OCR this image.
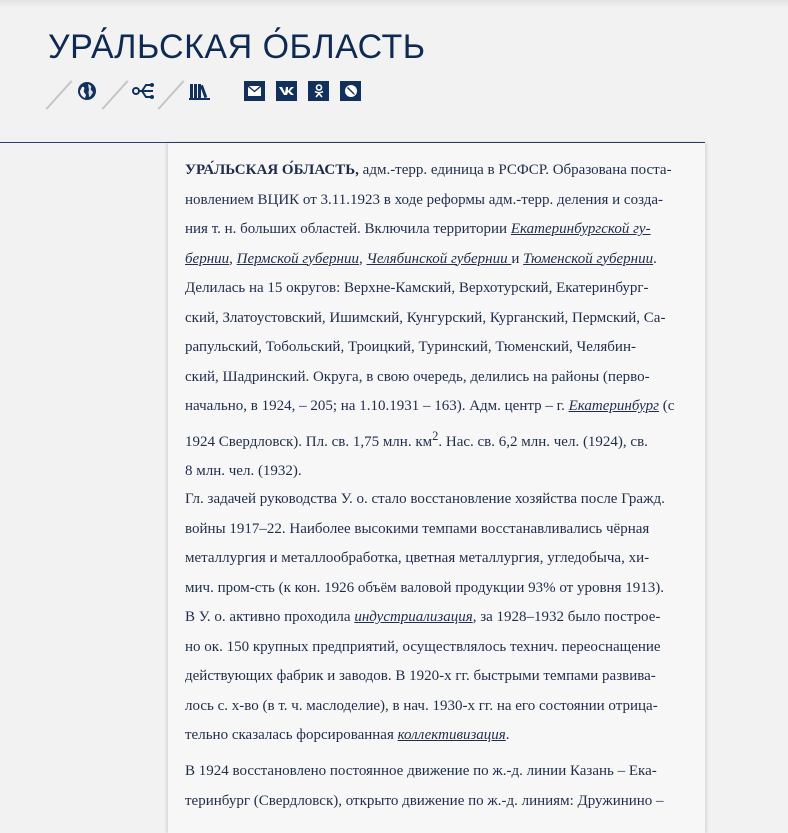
УРА́ЛЬСКАЯ О́БЛАСТЬ

УРА́ЛЬСКАЯ О́БЛАСТЬ, адм.-терр. единица в РСФСР. Образована поста-
новлением ВЦИК от 3.11.1923 в ходе реформы адм.-терр. деления и созда-
ния т. н. больших областей. Включила территории Екатеринбургской гу-
бернии, Пермской губернии, Челябинской губернии и Тюменской губернии.
Делилась на 15 округов: Верхне-Камский, Верхотурский, Екатеринбург-
ский, Златоустовский, Ишимский, Кунгурский, Курганский, Пермский, Са-
рапульский, Тобольский, Троицкий, Туринский, Тюменский, Челябин-
ский, Шадринский. Округа, в свою очередь, делились на районы (перво-
начально, в 1924, – 205; на 1.10.1931 – 163). Адм. центр – г. Екатеринбург (с
1924 Свердловск). Пл. св. 1,75 млн. $км^2$. Нас. св. 6,2 млн. чел. (1924), св.
8 млн. чел. (1932).

Гл. задачей руководства У. о. стало восстановление хозяйства после Гражд.
войны 1917–22. Наиболее высокими темпами восстанавливались чёрная
металлургия и металлообработка, цветная металлургия, угледобыча, хи-
мич. пром-сть (к кон. 1926 объём валовой продукции 93% от уровня 1913).
В У. о. активно проходила индустриализация, за 1928–1932 было построе-
но ок. 150 крупных предприятий, осуществлялось технич. переоснащение
действующих фабрик и заводов. В 1920-х гг. быстрыми темпами развива-
лось с. х-во (в т. ч. маслоделие), в нач. 1930-х гг. на его состоянии отрица-
тельно сказалась форсированная коллективизация.

В 1924 восстановлено постоянное движение по ж.-д. линии Казань – Ека-
теринбург (Свердловск), открыто движение по ж.-д. линиям: Дружинино –
